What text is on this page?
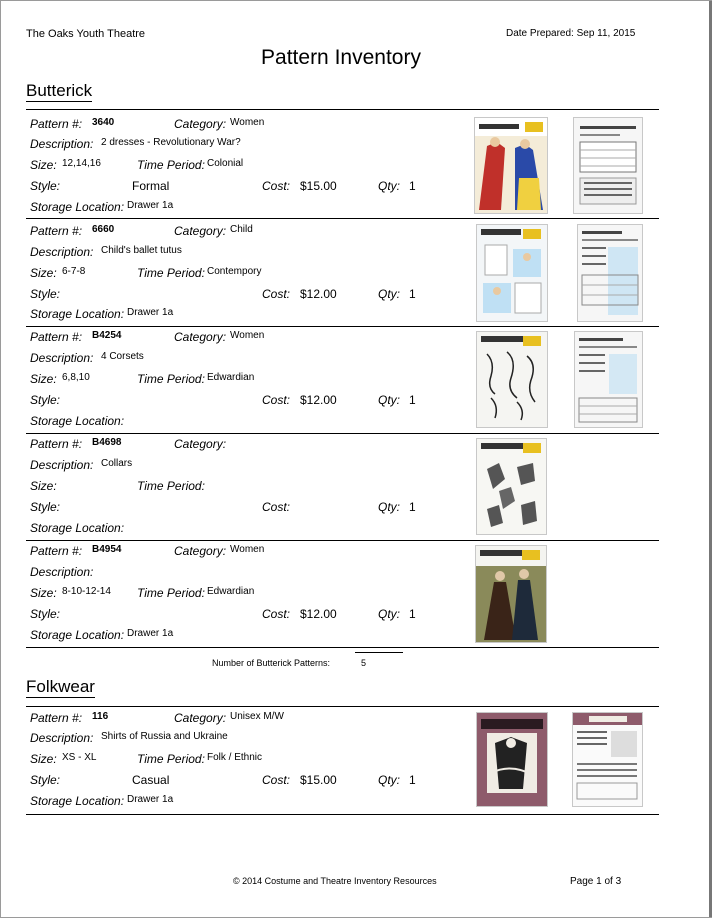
The Oaks Youth Theatre	Date Prepared: Sep 11, 2015
Pattern Inventory
Butterick
Pattern #: 3640	Category: Women
Description: 2 dresses - Revolutionary War?
Size: 12,14,16	Time Period: Colonial
Style:	Formal	Cost: $15.00	Qty: 1
Storage Location: Drawer 1a
Pattern #: 6660	Category: Child
Description: Child's ballet tutus
Size: 6-7-8	Time Period: Contempory
Style:	Cost: $12.00	Qty: 1
Storage Location: Drawer 1a
Pattern #: B4254	Category: Women
Description: 4 Corsets
Size: 6,8,10	Time Period: Edwardian
Style:	Cost: $12.00	Qty: 1
Storage Location:
Pattern #: B4698	Category:
Description: Collars
Size:	Time Period:
Style:	Cost:	Qty: 1
Storage Location:
Pattern #: B4954	Category: Women
Description:
Size: 8-10-12-14 Time Period: Edwardian
Style:	Cost: $12.00	Qty: 1
Storage Location: Drawer 1a
Number of Butterick Patterns:	5
Folkwear
Pattern #: 116	Category: Unisex M/W
Description: Shirts of Russia and Ukraine
Size: XS - XL	Time Period: Folk / Ethnic
Style:	Casual	Cost: $15.00	Qty: 1
Storage Location: Drawer 1a
© 2014 Costume and Theatre Inventory Resources	Page 1 of 3
